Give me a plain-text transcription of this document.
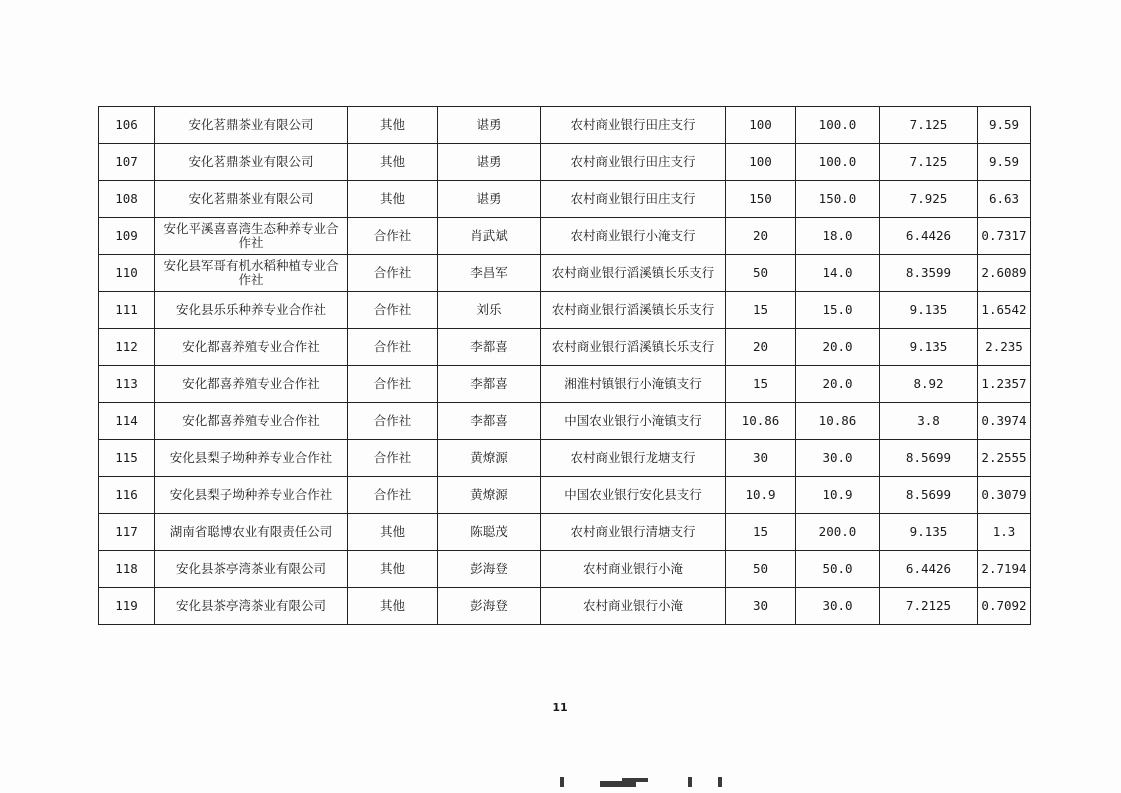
106	安化茗鼎茶业有限公司	其他	谌勇	农村商业银行田庄支行	100	100.0	7.125	9.59
107	安化茗鼎茶业有限公司	其他	谌勇	农村商业银行田庄支行	100	100.0	7.125	9.59
108	安化茗鼎茶业有限公司	其他	谌勇	农村商业银行田庄支行	150	150.0	7.925	6.63
109	安化平溪喜喜湾生态种养专业合作社	合作社	肖武斌	农村商业银行小淹支行	20	18.0	6.4426	0.7317
110	安化县军哥有机水稻种植专业合作社	合作社	李昌军	农村商业银行滔溪镇长乐支行	50	14.0	8.3599	2.6089
111	安化县乐乐种养专业合作社	合作社	刘乐	农村商业银行滔溪镇长乐支行	15	15.0	9.135	1.6542
112	安化都喜养殖专业合作社	合作社	李都喜	农村商业银行滔溪镇长乐支行	20	20.0	9.135	2.235
113	安化都喜养殖专业合作社	合作社	李都喜	湘淮村镇银行小淹镇支行	15	20.0	8.92	1.2357
114	安化都喜养殖专业合作社	合作社	李都喜	中国农业银行小淹镇支行	10.86	10.86	3.8	0.3974
115	安化县梨子坳种养专业合作社	合作社	黄燎源	农村商业银行龙塘支行	30	30.0	8.5699	2.2555
116	安化县梨子坳种养专业合作社	合作社	黄燎源	中国农业银行安化县支行	10.9	10.9	8.5699	0.3079
117	湖南省聪博农业有限责任公司	其他	陈聪茂	农村商业银行清塘支行	15	200.0	9.135	1.3
118	安化县茶亭湾茶业有限公司	其他	彭海登	农村商业银行小淹	50	50.0	6.4426	2.7194
119	安化县茶亭湾茶业有限公司	其他	彭海登	农村商业银行小淹	30	30.0	7.2125	0.7092
11
